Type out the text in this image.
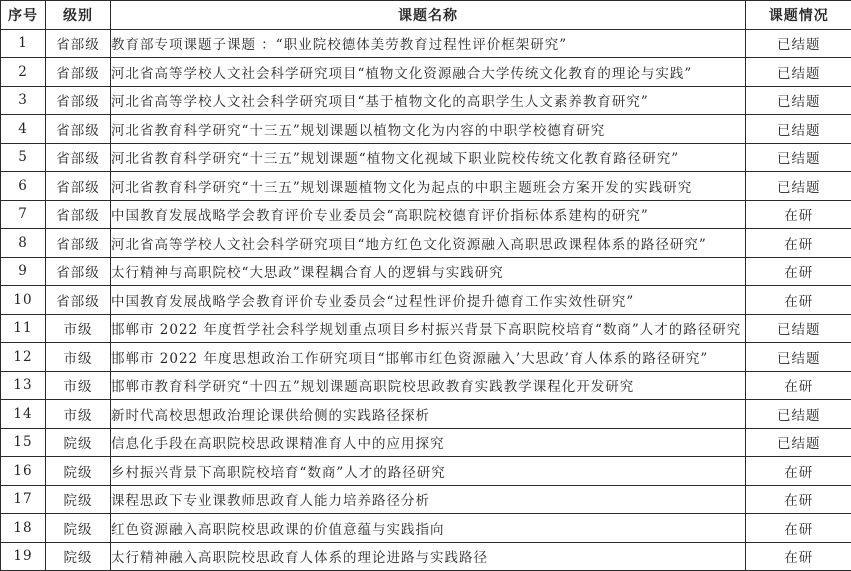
序号	级别	课题名称	课题情况
1	省部级	教育部专项课题子课题 ：“职业院校德体美劳教育过程性评价框架研究”	已结题
2	省部级	河北省高等学校人文社会科学研究项目“植物文化资源融合大学传统文化教育的理论与实践”	已结题
3	省部级	河北省高等学校人文社会科学研究项目“基于植物文化的高职学生人文素养教育研究”	已结题
4	省部级	河北省教育科学研究“十三五”规划课题以植物文化为内容的中职学校德育研究	已结题
5	省部级	河北省教育科学研究“十三五”规划课题“植物文化视域下职业院校传统文化教育路径研究”	已结题
6	省部级	河北省教育科学研究“十三五”规划课题植物文化为起点的中职主题班会方案开发的实践研究	已结题
7	省部级	中国教育发展战略学会教育评价专业委员会“高职院校德育评价指标体系建构的研究”	在研
8	省部级	河北省高等学校人文社会科学研究项目“地方红色文化资源融入高职思政课程体系的路径研究”	在研
9	省部级	太行精神与高职院校“大思政”课程耦合育人的逻辑与实践研究	在研
10	省部级	中国教育发展战略学会教育评价专业委员会“过程性评价提升德育工作实效性研究”	在研
11	市级	邯郸市 2022 年度哲学社会科学规划重点项目乡村振兴背景下高职院校培育“数商”人才的路径研究	已结题
12	市级	邯郸市 2022 年度思想政治工作研究项目“邯郸市红色资源融入’大思政’育人体系的路径研究”	已结题
13	市级	邯郸市教育科学研究“十四五”规划课题高职院校思政教育实践教学课程化开发研究	在研
14	市级	新时代高校思想政治理论课供给侧的实践路径探析	已结题
15	院级	信息化手段在高职院校思政课精准育人中的应用探究	已结题
16	院级	乡村振兴背景下高职院校培育“数商”人才的路径研究	在研
17	院级	课程思政下专业课教师思政育人能力培养路径分析	在研
18	院级	红色资源融入高职院校思政课的价值意蕴与实践指向	在研
19	院级	太行精神融入高职院校思政育人体系的理论进路与实践路径	在研
